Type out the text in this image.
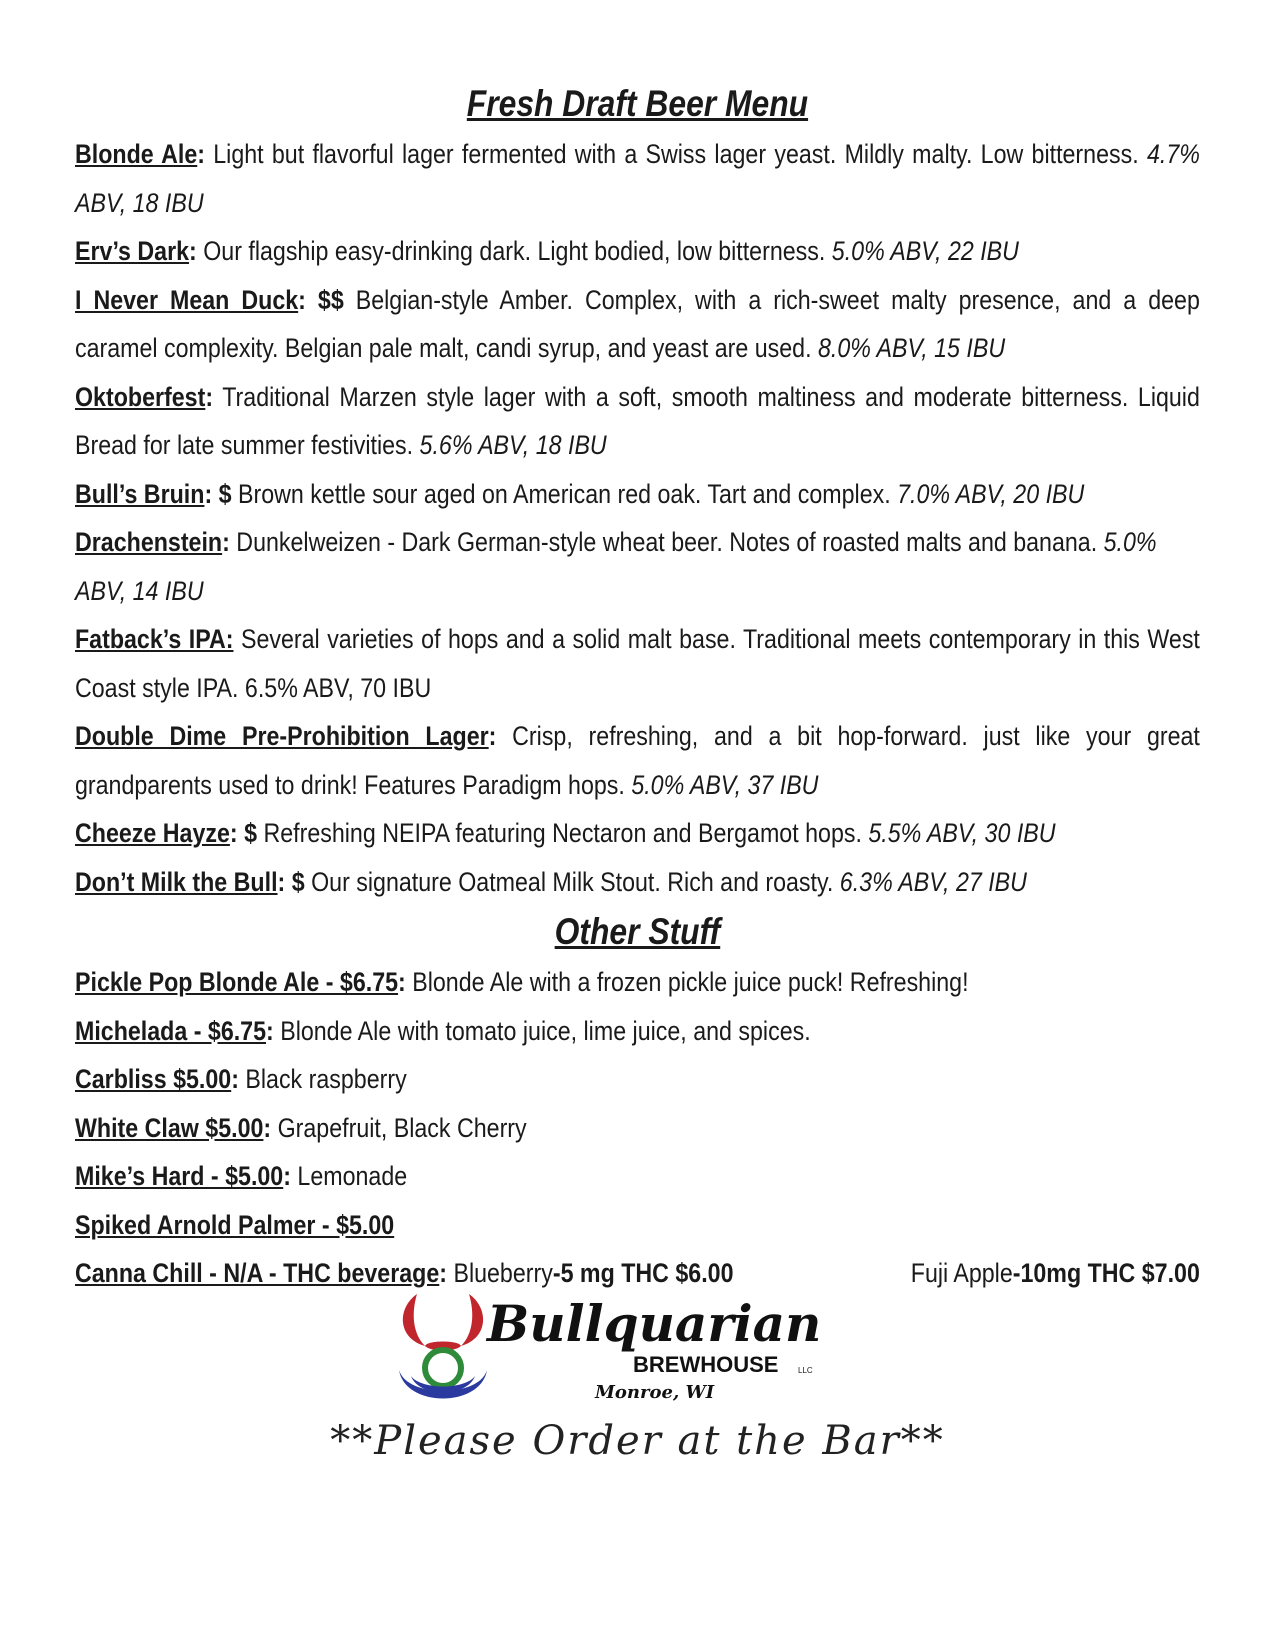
Fresh Draft Beer Menu

Blonde Ale: Light but flavorful lager fermented with a Swiss lager yeast. Mildly malty. Low bitterness. 4.7% ABV, 18 IBU

Erv’s Dark: Our flagship easy-drinking dark. Light bodied, low bitterness. 5.0% ABV, 22 IBU

I Never Mean Duck: $$ Belgian-style Amber. Complex, with a rich-sweet malty presence, and a deep caramel complexity. Belgian pale malt, candi syrup, and yeast are used. 8.0% ABV, 15 IBU

Oktoberfest: Traditional Marzen style lager with a soft, smooth maltiness and moderate bitterness. Liquid Bread for late summer festivities. 5.6% ABV, 18 IBU

Bull’s Bruin: $ Brown kettle sour aged on American red oak. Tart and complex. 7.0% ABV, 20 IBU

Drachenstein: Dunkelweizen - Dark German-style wheat beer. Notes of roasted malts and banana. 5.0% ABV, 14 IBU

Fatback’s IPA: Several varieties of hops and a solid malt base. Traditional meets contemporary in this West Coast style IPA. 6.5% ABV, 70 IBU

Double Dime Pre-Prohibition Lager: Crisp, refreshing, and a bit hop-forward. just like your great grandparents used to drink! Features Paradigm hops. 5.0% ABV, 37 IBU

Cheeze Hayze: $ Refreshing NEIPA featuring Nectaron and Bergamot hops. 5.5% ABV, 30 IBU

Don’t Milk the Bull: $ Our signature Oatmeal Milk Stout. Rich and roasty. 6.3% ABV, 27 IBU

Other Stuff

Pickle Pop Blonde Ale - $6.75: Blonde Ale with a frozen pickle juice puck! Refreshing!

Michelada - $6.75: Blonde Ale with tomato juice, lime juice, and spices.

Carbliss $5.00: Black raspberry

White Claw $5.00: Grapefruit, Black Cherry

Mike’s Hard - $5.00: Lemonade

Spiked Arnold Palmer - $5.00

Canna Chill - N/A - THC beverage: Blueberry-5 mg THC $6.00	Fuji Apple-10mg THC $7.00

Bullquarian
BREWHOUSE LLC
Monroe, WI
**Please Order at the Bar**
